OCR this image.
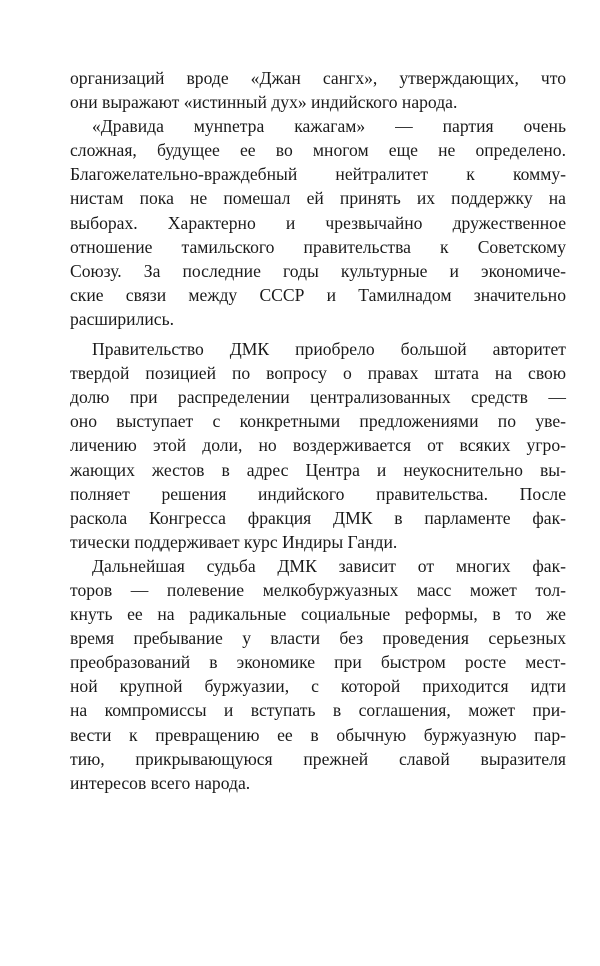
организаций вроде «Джан сангх», утверждающих, что
они выражают «истинный дух» индийского народа.
«Дравида мунnетра кажагам» — партия очень
сложная, будущее ее во многом еще не определено.
Благожелательно-враждебный нейтралитет к комму-
нистам пока не помешал ей принять их поддержку на
выборах. Характерно и чрезвычайно дружественное
отношение тамильского правительства к Советскому
Союзу. За последние годы культурные и экономиче-
ские связи между СССР и Тамилнадом значительно
расширились.
Правительство ДМК приобрело большой авторитет
твердой позицией по вопросу о правах штата на свою
долю при распределении централизованных средств —
оно выступает с конкретными предложениями по уве-
личению этой доли, но воздерживается от всяких угро-
жающих жестов в адрес Центра и неукоснительно вы-
полняет решения индийского правительства. После
раскола Конгресса фракция ДМК в парламенте фак-
тически поддерживает курс Индиры Ганди.
Дальнейшая судьба ДМК зависит от многих фак-
торов — полевение мелкобуржуазных масс может тол-
кнуть ее на радикальные социальные реформы, в то же
время пребывание у власти без проведения серьезных
преобразований в экономике при быстром росте мест-
ной крупной буржуазии, с которой приходится идти
на компромиссы и вступать в соглашения, может при-
вести к превращению ее в обычную буржуазную пар-
тию, прикрывающуюся прежней славой выразителя
интересов всего народа.
